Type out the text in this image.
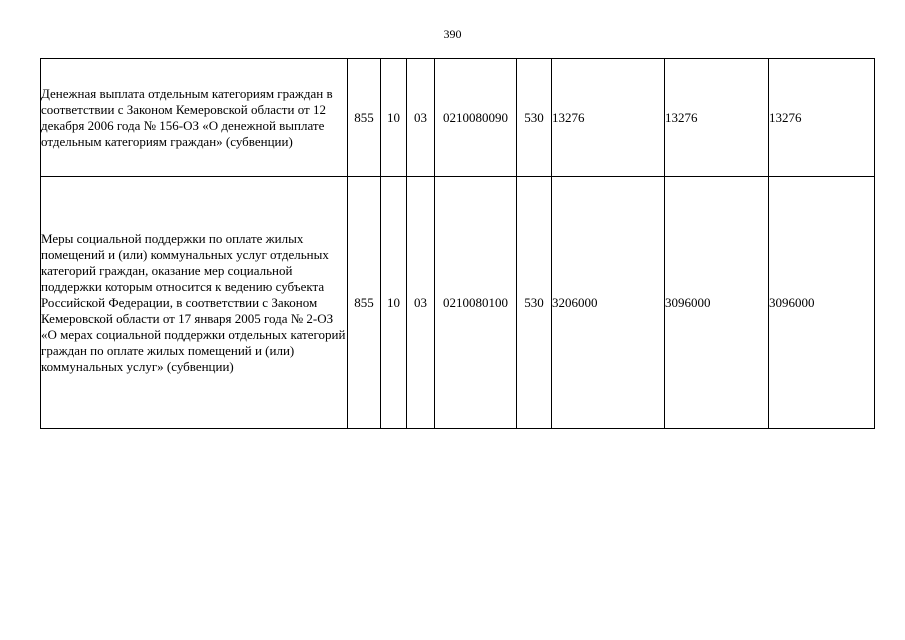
390
Денежная выплата отдельным категориям граждан в соответствии с Законом Кемеровской области от 12 декабря 2006 года № 156-ОЗ «О денежной выплате отдельным категориям граждан» (субвенции)	855	10	03	0210080090	530	13276	13276	13276
Меры социальной поддержки по оплате жилых помещений и (или) коммунальных услуг отдельных категорий граждан, оказание мер социальной поддержки которым относится к ведению субъекта Российской Федерации, в соответствии с Законом Кемеровской области от 17 января 2005 года № 2-ОЗ «О мерах социальной поддержки отдельных категорий граждан по оплате жилых помещений и (или) коммунальных услуг» (субвенции)	855	10	03	0210080100	530	3206000	3096000	3096000
